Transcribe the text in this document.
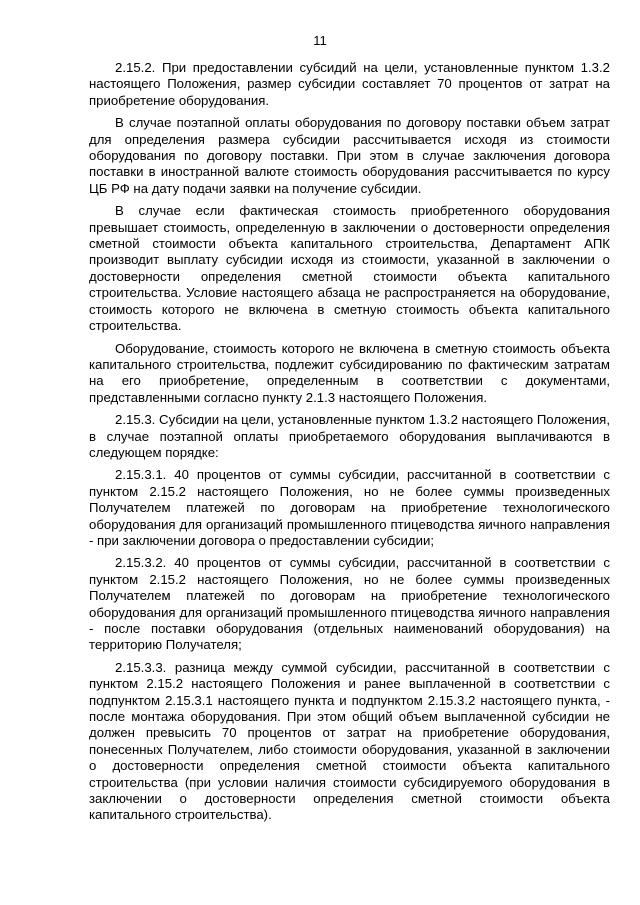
11

2.15.2. При предоставлении субсидий на цели, установленные пунктом 1.3.2 настоящего Положения, размер субсидии составляет 70 процентов от затрат на приобретение оборудования.

В случае поэтапной оплаты оборудования по договору поставки объем затрат для определения размера субсидии рассчитывается исходя из стоимости оборудования по договору поставки. При этом в случае заключения договора поставки в иностранной валюте стоимость оборудования рассчитывается по курсу ЦБ РФ на дату подачи заявки на получение субсидии.

В случае если фактическая стоимость приобретенного оборудования превышает стоимость, определенную в заключении о достоверности определения сметной стоимости объекта капитального строительства, Департамент АПК производит выплату субсидии исходя из стоимости, указанной в заключении о достоверности определения сметной стоимости объекта капитального строительства. Условие настоящего абзаца не распространяется на оборудование, стоимость которого не включена в сметную стоимость объекта капитального строительства.

Оборудование, стоимость которого не включена в сметную стоимость объекта капитального строительства, подлежит субсидированию по фактическим затратам на его приобретение, определенным в соответствии с документами, представленными согласно пункту 2.1.3 настоящего Положения.

2.15.3. Субсидии на цели, установленные пунктом 1.3.2 настоящего Положения, в случае поэтапной оплаты приобретаемого оборудования выплачиваются в следующем порядке:

2.15.3.1. 40 процентов от суммы субсидии, рассчитанной в соответствии с пунктом 2.15.2 настоящего Положения, но не более суммы произведенных Получателем платежей по договорам на приобретение технологического оборудования для организаций промышленного птицеводства яичного направления - при заключении договора о предоставлении субсидии;

2.15.3.2. 40 процентов от суммы субсидии, рассчитанной в соответствии с пунктом 2.15.2 настоящего Положения, но не более суммы произведенных Получателем платежей по договорам на приобретение технологического оборудования для организаций промышленного птицеводства яичного направления - после поставки оборудования (отдельных наименований оборудования) на территорию Получателя;

2.15.3.3. разница между суммой субсидии, рассчитанной в соответствии с пунктом 2.15.2 настоящего Положения и ранее выплаченной в соответствии с подпунктом 2.15.3.1 настоящего пункта и подпунктом 2.15.3.2 настоящего пункта, - после монтажа оборудования. При этом общий объем выплаченной субсидии не должен превысить 70 процентов от затрат на приобретение оборудования, понесенных Получателем, либо стоимости оборудования, указанной в заключении о достоверности определения сметной стоимости объекта капитального строительства (при условии наличия стоимости субсидируемого оборудования в заключении о достоверности определения сметной стоимости объекта капитального строительства).
